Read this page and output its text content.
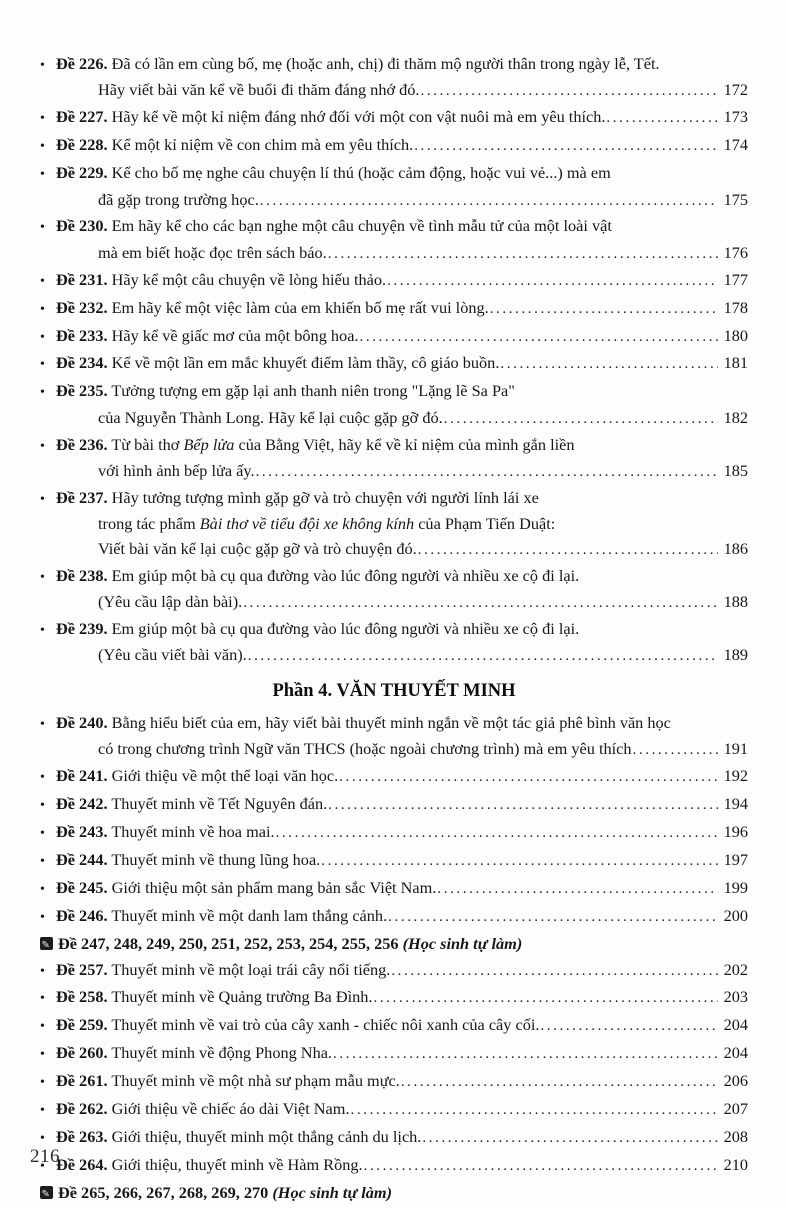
•
Đề 226. Đã có lần em cùng bố, mẹ (hoặc anh, chị) đi thăm mộ người thân trong ngày lễ, Tết.
Hãy viết bài văn kể về buổi đi thăm đáng nhớ đó. .....	172
•
Đề 227. Hãy kể về một kỉ niệm đáng nhớ đối với một con vật nuôi mà em yêu thích. .....	173
•
Đề 228. Kể một kỉ niệm về con chim mà em yêu thích. .....	174
•
Đề 229. Kể cho bố mẹ nghe câu chuyện lí thú (hoặc cảm động, hoặc vui vẻ...) mà em
đã gặp trong trường học. .....	175
•
Đề 230. Em hãy kể cho các bạn nghe một câu chuyện về tình mẫu tử của một loài vật
mà em biết hoặc đọc trên sách báo. .....	176
•
Đề 231. Hãy kể một câu chuyện về lòng hiếu thảo. .....	177
•
Đề 232. Em hãy kể một việc làm của em khiến bố mẹ rất vui lòng. .....	178
•
Đề 233. Hãy kể về giấc mơ của một bông hoa. .....	180
•
Đề 234. Kể về một lần em mắc khuyết điểm làm thầy, cô giáo buồn. .....	181
•
Đề 235. Tưởng tượng em gặp lại anh thanh niên trong "Lặng lẽ Sa Pa"
của Nguyễn Thành Long. Hãy kể lại cuộc gặp gỡ đó. .....	182
•
Đề 236. Từ bài thơ Bếp lửa của Bằng Việt, hãy kể về kỉ niệm của mình gắn liền
với hình ảnh bếp lửa ấy. .....	185
•
Đề 237. Hãy tưởng tượng mình gặp gỡ và trò chuyện với người lính lái xe
trong tác phẩm Bài thơ về tiểu đội xe không kính của Phạm Tiến Duật:
Viết bài văn kể lại cuộc gặp gỡ và trò chuyện đó. .....	186
•
Đề 238. Em giúp một bà cụ qua đường vào lúc đông người và nhiều xe cộ đi lại.
(Yêu cầu lập dàn bài). .....	188
•
Đề 239. Em giúp một bà cụ qua đường vào lúc đông người và nhiều xe cộ đi lại.
(Yêu cầu viết bài văn). .....	189
Phần 4. VĂN THUYẾT MINH
•
Đề 240. Bằng hiểu biết của em, hãy viết bài thuyết minh ngắn về một tác giả phê bình văn học
có trong chương trình Ngữ văn THCS (hoặc ngoài chương trình) mà em yêu thích .....	191
•
Đề 241. Giới thiệu về một thể loại văn học. .....	192
•
Đề 242. Thuyết minh về Tết Nguyên đán. .....	194
•
Đề 243. Thuyết minh về hoa mai. .....	196
•
Đề 244. Thuyết minh về thung lũng hoa. .....	197
•
Đề 245. Giới thiệu một sản phẩm mang bản sắc Việt Nam. .....	199
•
Đề 246. Thuyết minh về một danh lam thắng cảnh. .....	200
✎
Đề 247, 248, 249, 250, 251, 252, 253, 254, 255, 256 (Học sinh tự làm)
•
Đề 257. Thuyết minh về một loại trái cây nổi tiếng. .....	202
•
Đề 258. Thuyết minh về Quảng trường Ba Đình. .....	203
•
Đề 259. Thuyết minh về vai trò của cây xanh - chiếc nôi xanh của cây cối. .....	204
•
Đề 260. Thuyết minh về động Phong Nha. .....	204
•
Đề 261. Thuyết minh về một nhà sư phạm mẫu mực. .....	206
•
Đề 262. Giới thiệu về chiếc áo dài Việt Nam. .....	207
•
Đề 263. Giới thiệu, thuyết minh một thắng cảnh du lịch. .....	208
•
Đề 264. Giới thiệu, thuyết minh về Hàm Rồng. .....	210
✎
Đề 265, 266, 267, 268, 269, 270 (Học sinh tự làm)
216
